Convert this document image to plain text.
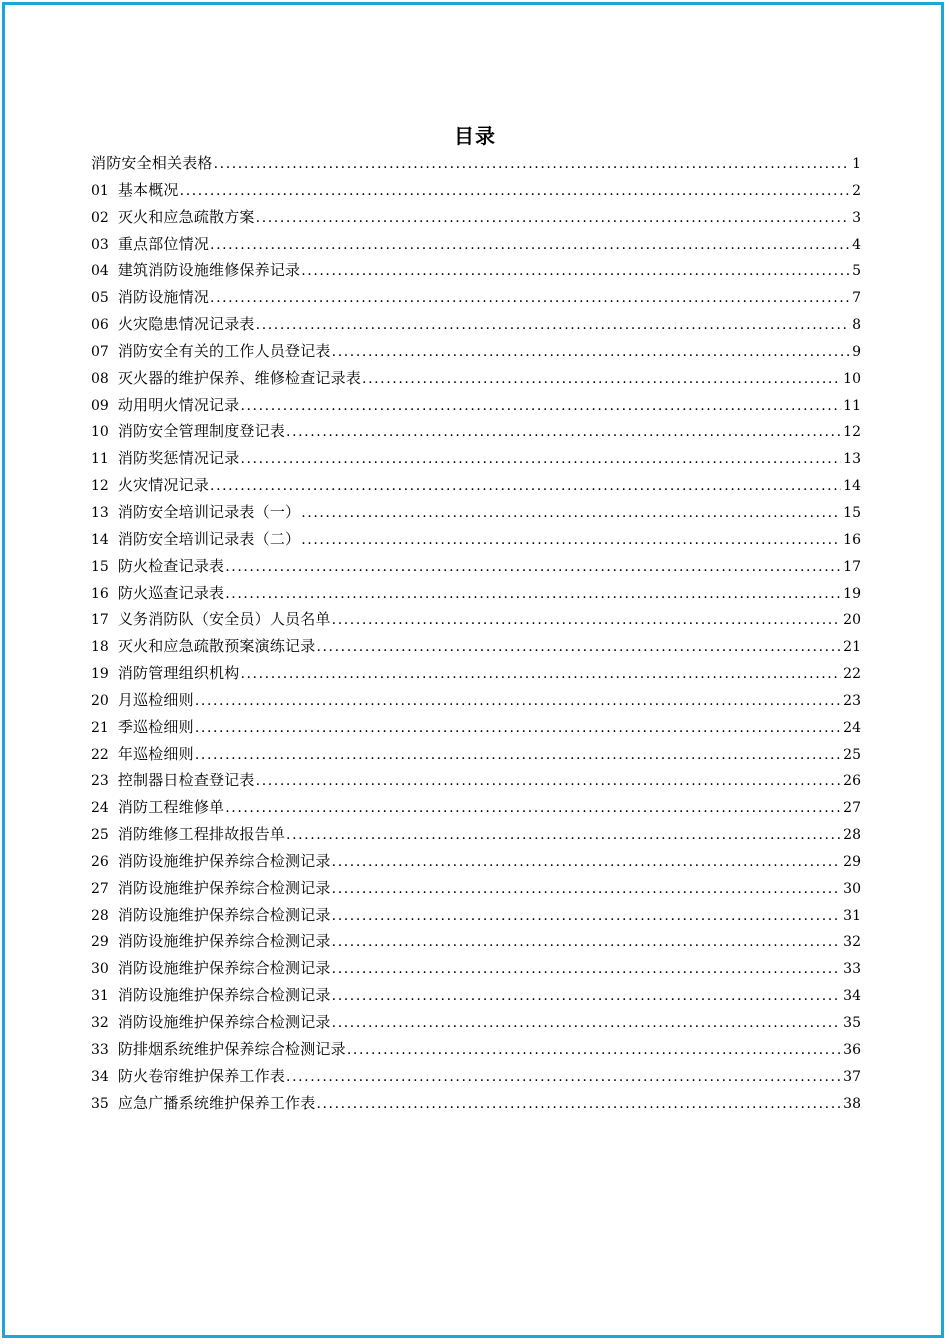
目录
消防安全相关表格 .....	1
01 基本概况 .....	2
02 灭火和应急疏散方案 .....	3
03 重点部位情况 .....	4
04 建筑消防设施维修保养记录 .....	5
05 消防设施情况 .....	7
06 火灾隐患情况记录表 .....	8
07 消防安全有关的工作人员登记表 .....	9
08 灭火器的维护保养、维修检查记录表 .....	10
09 动用明火情况记录 .....	11
10 消防安全管理制度登记表 .....	12
11 消防奖惩情况记录 .....	13
12 火灾情况记录 .....	14
13 消防安全培训记录表（一） .....	15
14 消防安全培训记录表（二） .....	16
15 防火检查记录表 .....	17
16 防火巡查记录表 .....	19
17 义务消防队（安全员）人员名单 .....	20
18 灭火和应急疏散预案演练记录 .....	21
19 消防管理组织机构 .....	22
20 月巡检细则 .....	23
21 季巡检细则 .....	24
22 年巡检细则 .....	25
23 控制器日检查登记表 .....	26
24 消防工程维修单 .....	27
25 消防维修工程排故报告单 .....	28
26 消防设施维护保养综合检测记录 .....	29
27 消防设施维护保养综合检测记录 .....	30
28 消防设施维护保养综合检测记录 .....	31
29 消防设施维护保养综合检测记录 .....	32
30 消防设施维护保养综合检测记录 .....	33
31 消防设施维护保养综合检测记录 .....	34
32 消防设施维护保养综合检测记录 .....	35
33 防排烟系统维护保养综合检测记录 .....	36
34 防火卷帘维护保养工作表 .....	37
35 应急广播系统维护保养工作表 .....	38
